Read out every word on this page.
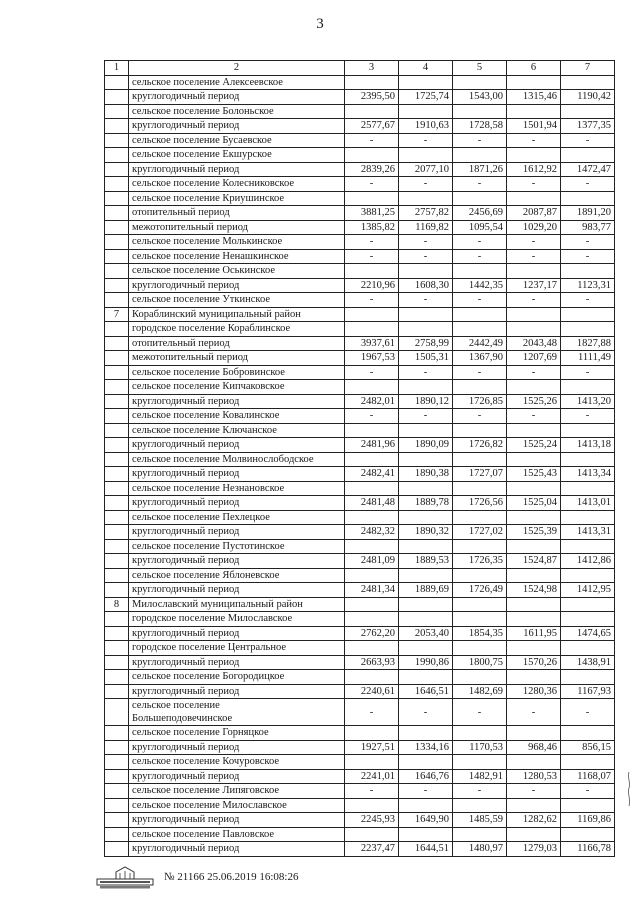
3
1	2	3	4	5	6	7
	сельское поселение Алексеевское					
	круглогодичный период	2395,50	1725,74	1543,00	1315,46	1190,42
	сельское поселение Болоньское					
	круглогодичный период	2577,67	1910,63	1728,58	1501,94	1377,35
	сельское поселение Бусаевское	-	-	-	-	-
	сельское поселение Екшурское					
	круглогодичный период	2839,26	2077,10	1871,26	1612,92	1472,47
	сельское поселение Колесниковское	-	-	-	-	-
	сельское поселение Криушинское					
	отопительный период	3881,25	2757,82	2456,69	2087,87	1891,20
	межотопительный период	1385,82	1169,82	1095,54	1029,20	983,77
	сельское поселение Молькинское	-	-	-	-	-
	сельское поселение Ненашкинское	-	-	-	-	-
	сельское поселение Оськинское					
	круглогодичный период	2210,96	1608,30	1442,35	1237,17	1123,31
	сельское поселение Уткинское	-	-	-	-	-
7	Кораблинский муниципальный район					
	городское поселение Кораблинское					
	отопительный период	3937,61	2758,99	2442,49	2043,48	1827,88
	межотопительный период	1967,53	1505,31	1367,90	1207,69	1111,49
	сельское поселение Бобровинское	-	-	-	-	-
	сельское поселение Кипчаковское					
	круглогодичный период	2482,01	1890,12	1726,85	1525,26	1413,20
	сельское поселение Ковалинское	-	-	-	-	-
	сельское поселение Ключанское					
	круглогодичный период	2481,96	1890,09	1726,82	1525,24	1413,18
	сельское поселение Молвинослободское					
	круглогодичный период	2482,41	1890,38	1727,07	1525,43	1413,34
	сельское поселение Незнановское					
	круглогодичный период	2481,48	1889,78	1726,56	1525,04	1413,01
	сельское поселение Пехлецкое					
	круглогодичный период	2482,32	1890,32	1727,02	1525,39	1413,31
	сельское поселение Пустотинское					
	круглогодичный период	2481,09	1889,53	1726,35	1524,87	1412,86
	сельское поселение Яблоневское					
	круглогодичный период	2481,34	1889,69	1726,49	1524,98	1412,95
8	Милославский муниципальный район					
	городское поселение Милославское					
	круглогодичный период	2762,20	2053,40	1854,35	1611,95	1474,65
	городское поселение Центральное					
	круглогодичный период	2663,93	1990,86	1800,75	1570,26	1438,91
	сельское поселение Богородицкое					
	круглогодичный период	2240,61	1646,51	1482,69	1280,36	1167,93

	сельское поселение
Большеподовечинское	-	-	-	-	-
	сельское поселение Горняцкое					
	круглогодичный период	1927,51	1334,16	1170,53	968,46	856,15
	сельское поселение Кочуровское					
	круглогодичный период	2241,01	1646,76	1482,91	1280,53	1168,07
	сельское поселение Липяговское	-	-	-	-	-
	сельское поселение Милославское					
	круглогодичный период	2245,93	1649,90	1485,59	1282,62	1169,86
	сельское поселение Павловское					
	круглогодичный период	2237,47	1644,51	1480,97	1279,03	1166,78
№ 21166 25.06.2019 16:08:26
